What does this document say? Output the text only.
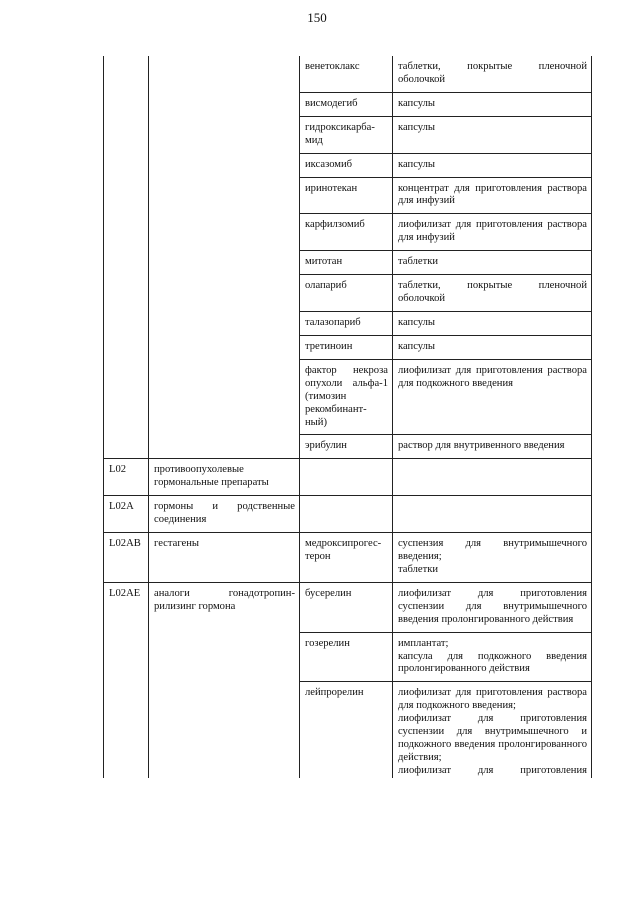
150
		венетоклакс	таблетки, покрытые пленочной оболочкой
		висмодегиб	капсулы
		гидроксикарба-мид	капсулы
		иксазомиб	капсулы
		иринотекан	концентрат для приготовления раствора для инфузий
		карфилзомиб	лиофилизат для приготовления раствора для инфузий
		митотан	таблетки
		олапариб	таблетки, покрытые пленочной оболочкой
		талазопариб	капсулы
		третиноин	капсулы
		фактор некроза опухоли альфа-1 (тимозин рекомбинант-ный)	лиофилизат для приготовления раствора для подкожного введения
		эрибулин	раствор для внутривенного введения
L02	противоопухолевые гормональные препараты		
L02A	гормоны и родственные соединения		
L02AB	гестагены	медроксипрогес-терон	суспензия для внутримышечного введения;
таблетки

L02AE	аналоги гонадотропин-рилизинг гормона	бусерелин	лиофилизат для приготовления суспензии для внутримышечного введения пролонгированного действия

		гозерелин	имплантат;
капсула для подкожного введения пролонгированного действия

		лейпрорелин	лиофилизат для приготовления раствора для подкожного введения;
лиофилизат для приготовления суспензии для внутримышечного и подкожного введения пролонгированного действия;
лиофилизат для приготовления
